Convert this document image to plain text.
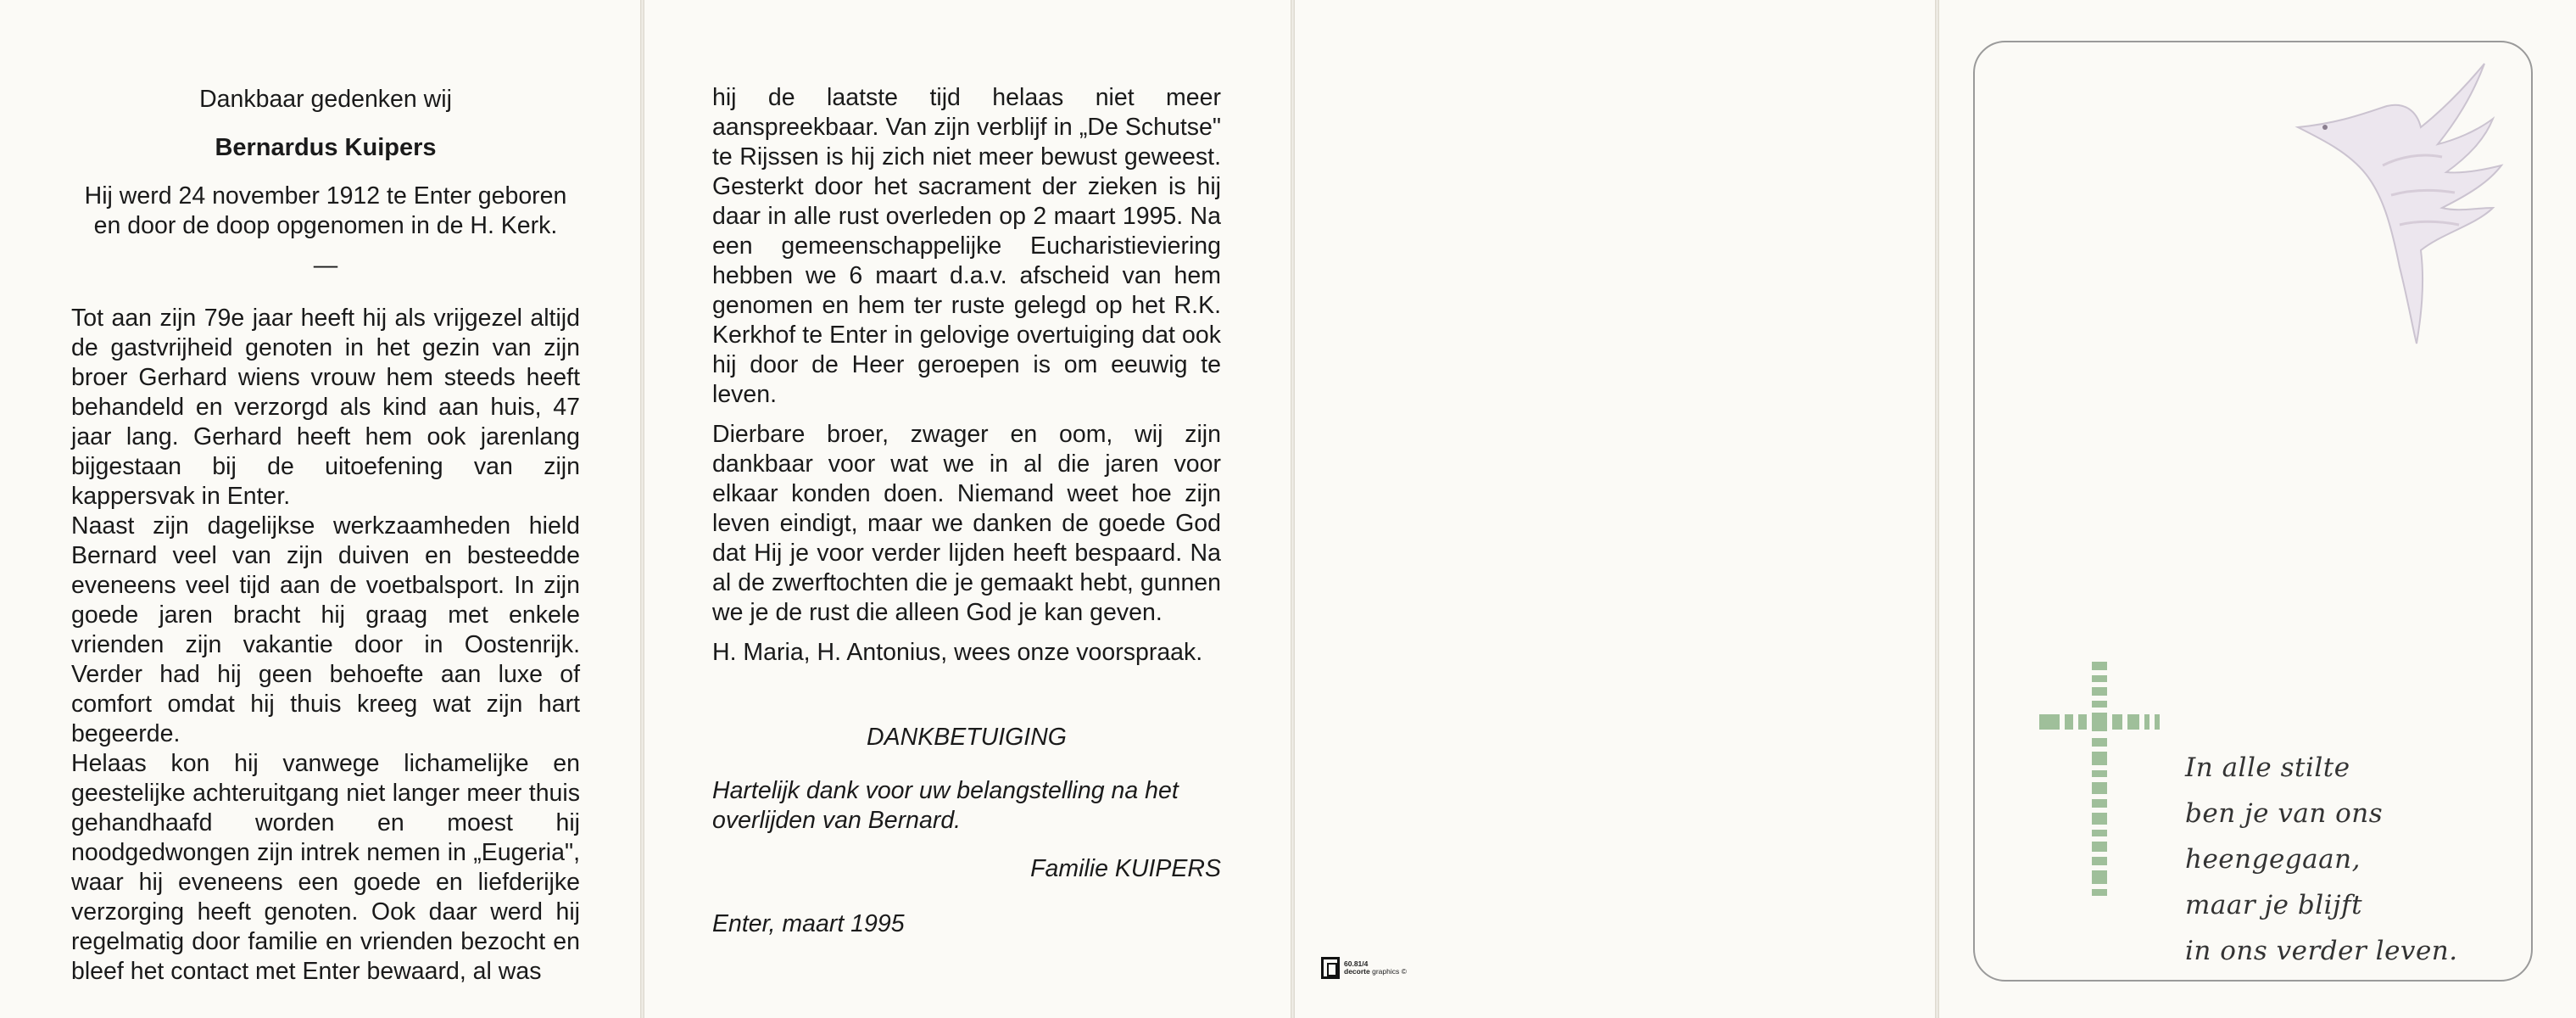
Dankbaar gedenken wij

Bernardus Kuipers

Hij werd 24 november 1912 te Enter geboren en door de doop opgenomen in de H. Kerk.

—

Tot aan zijn 79e jaar heeft hij als vrijgezel altijd de gastvrijheid genoten in het gezin van zijn broer Gerhard wiens vrouw hem steeds heeft behandeld en verzorgd als kind aan huis, 47 jaar lang. Gerhard heeft hem ook jarenlang bijgestaan bij de uitoefening van zijn kappersvak in Enter.

Naast zijn dagelijkse werkzaamheden hield Bernard veel van zijn duiven en besteedde eveneens veel tijd aan de voetbalsport. In zijn goede jaren bracht hij graag met enkele vrienden zijn vakantie door in Oostenrijk. Verder had hij geen behoefte aan luxe of comfort omdat hij thuis kreeg wat zijn hart begeerde.

Helaas kon hij vanwege lichamelijke en geestelijke achteruitgang niet langer meer thuis gehandhaafd worden en moest hij noodgedwongen zijn intrek nemen in „Eugeria", waar hij eveneens een goede en liefderijke verzorging heeft genoten. Ook daar werd hij regelmatig door familie en vrienden bezocht en bleef het contact met Enter bewaard, al was

hij de laatste tijd helaas niet meer aanspreekbaar. Van zijn verblijf in „De Schutse" te Rijssen is hij zich niet meer bewust geweest. Gesterkt door het sacrament der zieken is hij daar in alle rust overleden op 2 maart 1995. Na een gemeenschappelijke Eucharistieviering hebben we 6 maart d.a.v. afscheid van hem genomen en hem ter ruste gelegd op het R.K. Kerkhof te Enter in gelovige overtuiging dat ook hij door de Heer geroepen is om eeuwig te leven.

Dierbare broer, zwager en oom, wij zijn dankbaar voor wat we in al die jaren voor elkaar konden doen. Niemand weet hoe zijn leven eindigt, maar we danken de goede God dat Hij je voor verder lijden heeft bespaard. Na al de zwerftochten die je gemaakt hebt, gunnen we je de rust die alleen God je kan geven.

H. Maria, H. Antonius, wees onze voorspraak.

DANKBETUIGING

Hartelijk dank voor uw belangstelling na het overlijden van Bernard.

Familie KUIPERS

Enter, maart 1995

60.81/4
decorte graphics ©
In alle stilte
ben je van ons heengegaan,
maar je blijft
in ons verder leven.
